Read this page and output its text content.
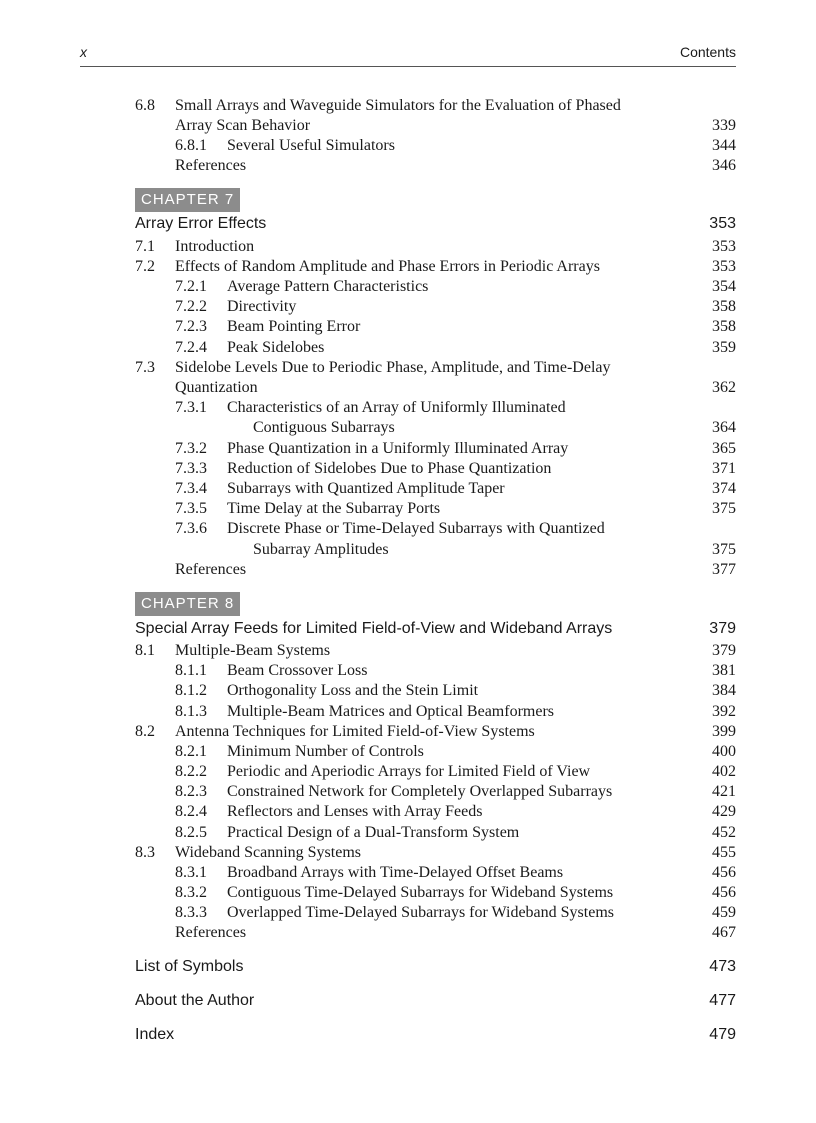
x	Contents
6.8 Small Arrays and Waveguide Simulators for the Evaluation of Phased
Array Scan Behavior	339
6.8.1 Several Useful Simulators	344
References	346
CHAPTER 7
Array Error Effects	353
7.1 Introduction	353
7.2 Effects of Random Amplitude and Phase Errors in Periodic Arrays	353
7.2.1 Average Pattern Characteristics	354
7.2.2 Directivity	358
7.2.3 Beam Pointing Error	358
7.2.4 Peak Sidelobes	359
7.3 Sidelobe Levels Due to Periodic Phase, Amplitude, and Time-Delay
Quantization	362
7.3.1 Characteristics of an Array of Uniformly Illuminated
Contiguous Subarrays	364
7.3.2 Phase Quantization in a Uniformly Illuminated Array	365
7.3.3 Reduction of Sidelobes Due to Phase Quantization	371
7.3.4 Subarrays with Quantized Amplitude Taper	374
7.3.5 Time Delay at the Subarray Ports	375
7.3.6 Discrete Phase or Time-Delayed Subarrays with Quantized
Subarray Amplitudes	375
References	377
CHAPTER 8
Special Array Feeds for Limited Field-of-View and Wideband Arrays	379
8.1 Multiple-Beam Systems	379
8.1.1 Beam Crossover Loss	381
8.1.2 Orthogonality Loss and the Stein Limit	384
8.1.3 Multiple-Beam Matrices and Optical Beamformers	392
8.2 Antenna Techniques for Limited Field-of-View Systems	399
8.2.1 Minimum Number of Controls	400
8.2.2 Periodic and Aperiodic Arrays for Limited Field of View	402
8.2.3 Constrained Network for Completely Overlapped Subarrays	421
8.2.4 Reflectors and Lenses with Array Feeds	429
8.2.5 Practical Design of a Dual-Transform System	452
8.3 Wideband Scanning Systems	455
8.3.1 Broadband Arrays with Time-Delayed Offset Beams	456
8.3.2 Contiguous Time-Delayed Subarrays for Wideband Systems	456
8.3.3 Overlapped Time-Delayed Subarrays for Wideband Systems	459
References	467
List of Symbols	473
About the Author	477
Index	479
